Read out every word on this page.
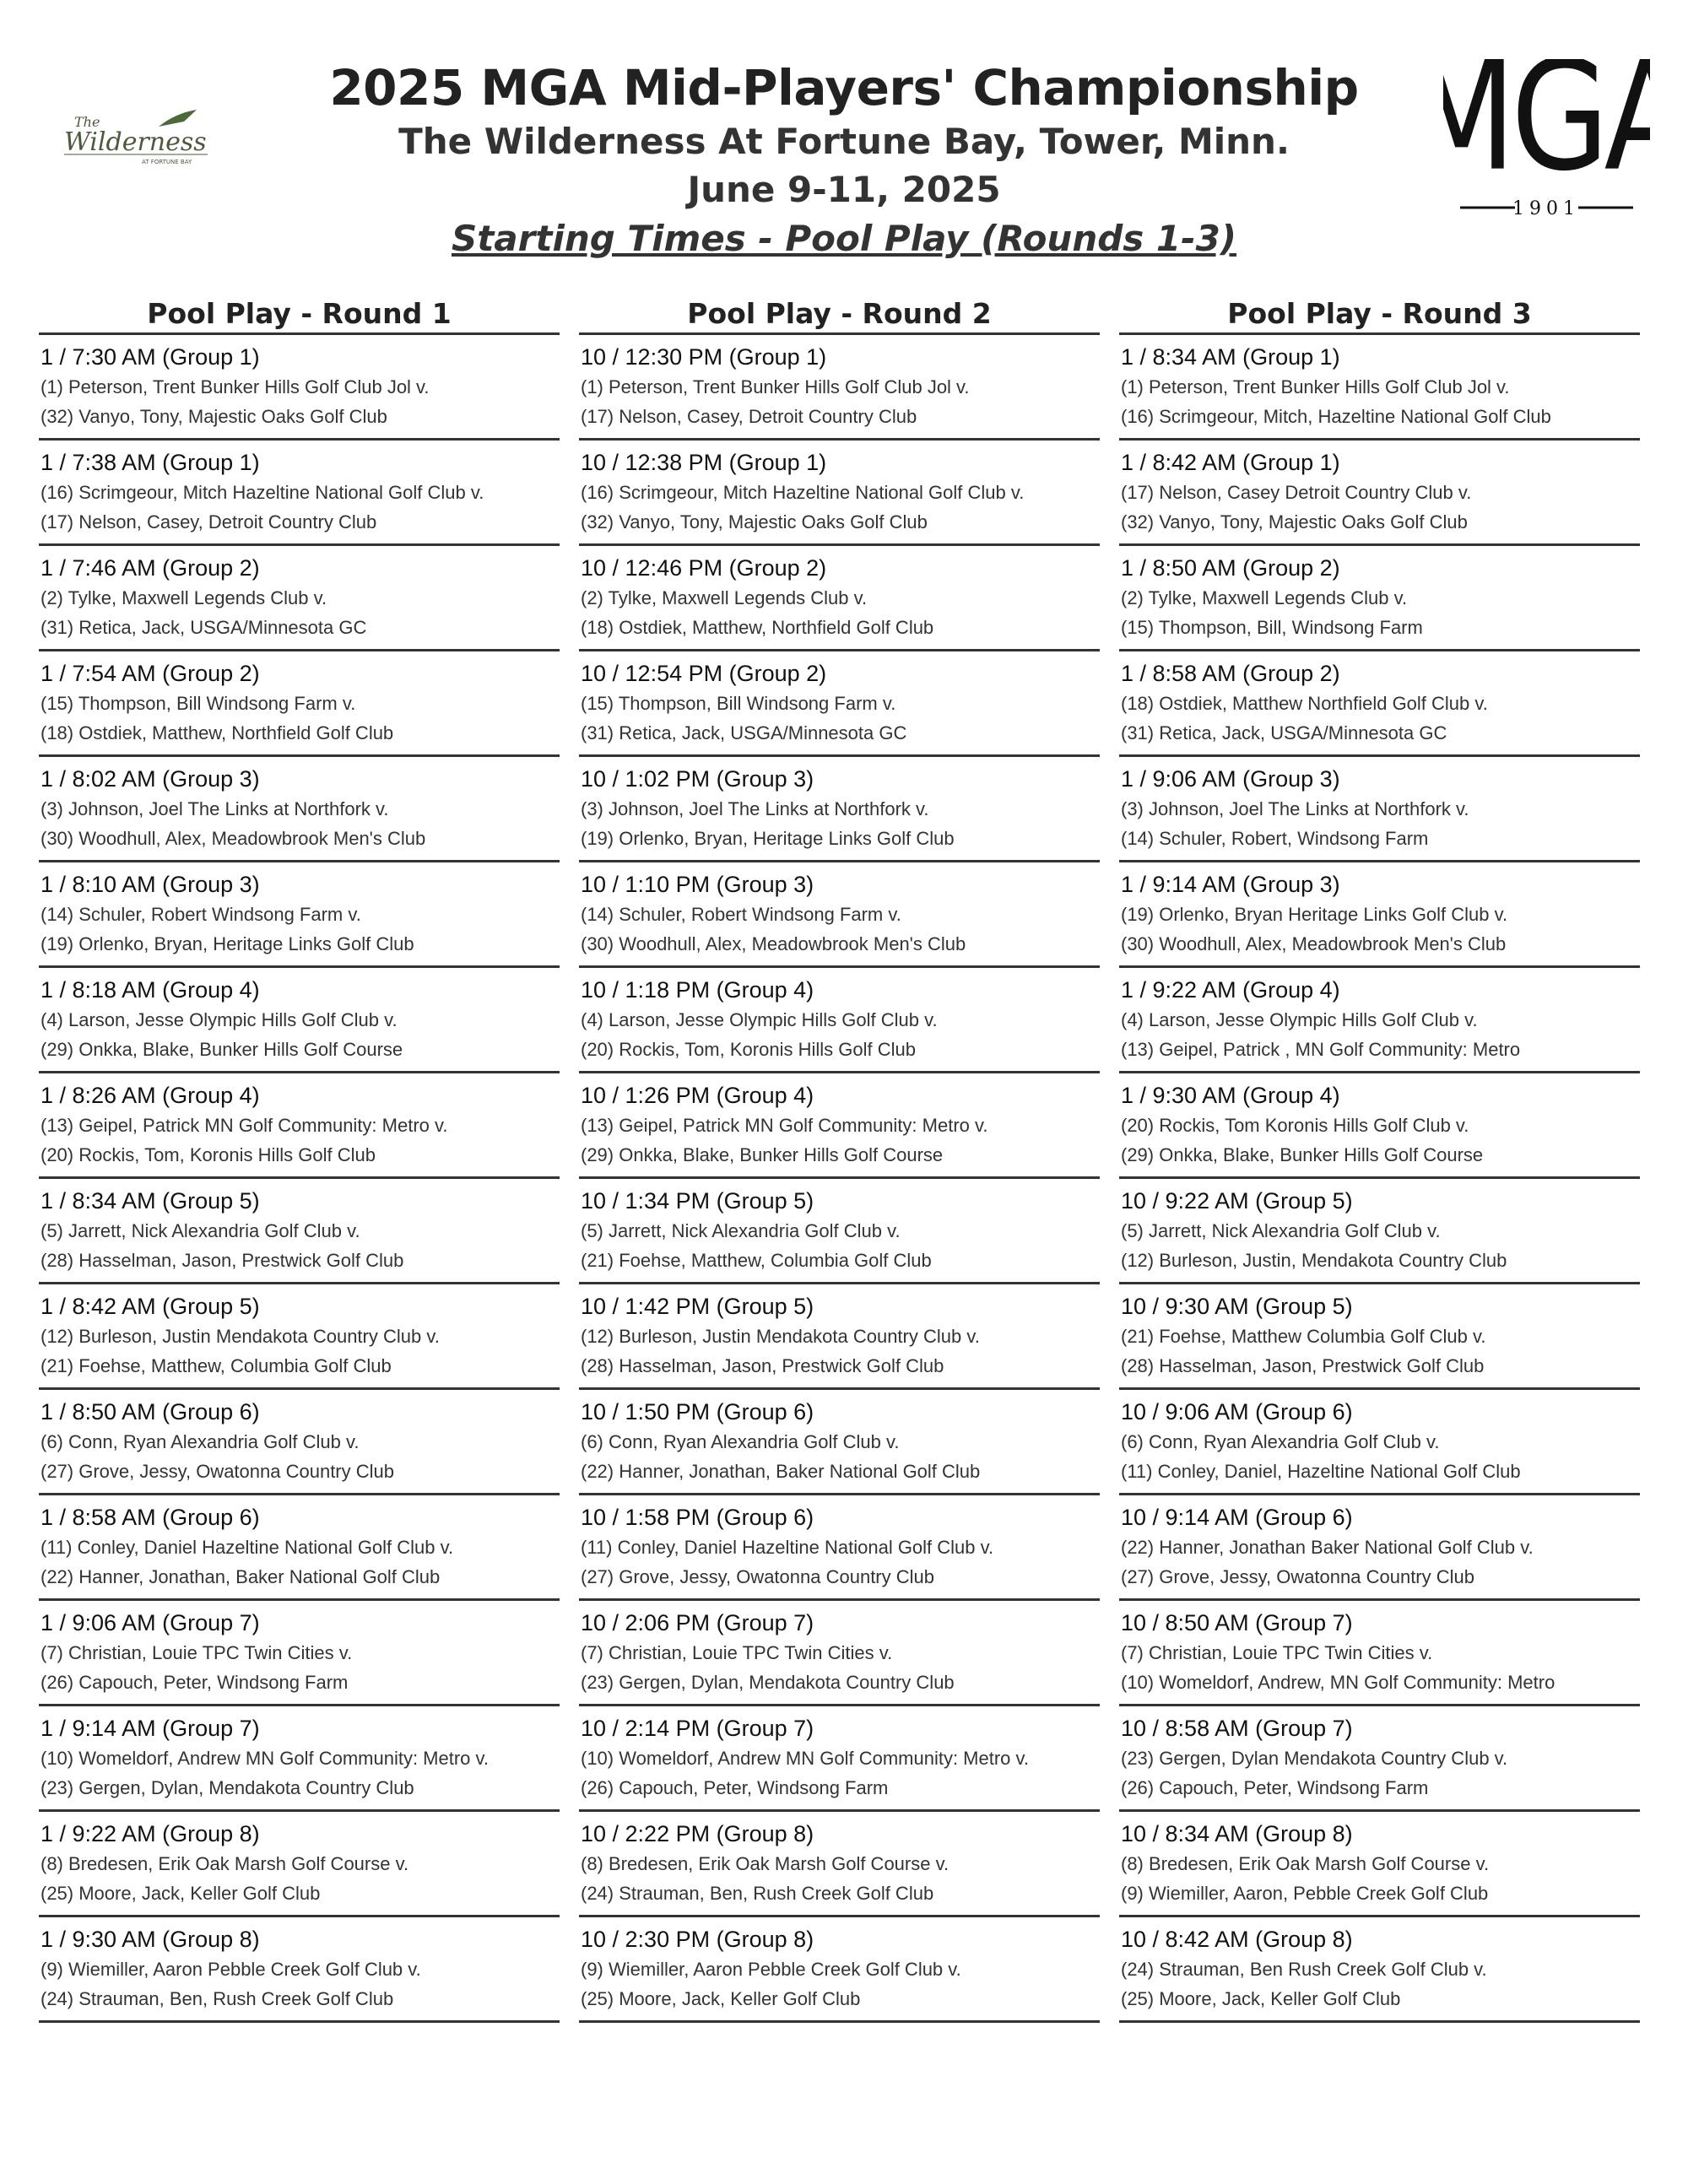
The
Wilderness
AT FORTUNE BAY	G
1901
2025 MGA Mid-Players' Championship
The Wilderness At Fortune Bay, Tower, Minn.
June 9-11, 2025
Starting Times - Pool Play (Rounds 1-3)
Pool Play - Round 1
1 / 7:30 AM (Group 1)
(1) Peterson, Trent Bunker Hills Golf Club Jol v.
(32) Vanyo, Tony, Majestic Oaks Golf Club
1 / 7:38 AM (Group 1)
(16) Scrimgeour, Mitch Hazeltine National Golf Club v.
(17) Nelson, Casey, Detroit Country Club
1 / 7:46 AM (Group 2)
(2) Tylke, Maxwell Legends Club v.
(31) Retica, Jack, USGA/Minnesota GC
1 / 7:54 AM (Group 2)
(15) Thompson, Bill Windsong Farm v.
(18) Ostdiek, Matthew, Northfield Golf Club
1 / 8:02 AM (Group 3)
(3) Johnson, Joel The Links at Northfork v.
(30) Woodhull, Alex, Meadowbrook Men's Club
1 / 8:10 AM (Group 3)
(14) Schuler, Robert Windsong Farm v.
(19) Orlenko, Bryan, Heritage Links Golf Club
1 / 8:18 AM (Group 4)
(4) Larson, Jesse Olympic Hills Golf Club v.
(29) Onkka, Blake, Bunker Hills Golf Course
1 / 8:26 AM (Group 4)
(13) Geipel, Patrick MN Golf Community: Metro v.
(20) Rockis, Tom, Koronis Hills Golf Club
1 / 8:34 AM (Group 5)
(5) Jarrett, Nick Alexandria Golf Club v.
(28) Hasselman, Jason, Prestwick Golf Club
1 / 8:42 AM (Group 5)
(12) Burleson, Justin Mendakota Country Club v.
(21) Foehse, Matthew, Columbia Golf Club
1 / 8:50 AM (Group 6)
(6) Conn, Ryan Alexandria Golf Club v.
(27) Grove, Jessy, Owatonna Country Club
1 / 8:58 AM (Group 6)
(11) Conley, Daniel Hazeltine National Golf Club v.
(22) Hanner, Jonathan, Baker National Golf Club
1 / 9:06 AM (Group 7)
(7) Christian, Louie TPC Twin Cities v.
(26) Capouch, Peter, Windsong Farm
1 / 9:14 AM (Group 7)
(10) Womeldorf, Andrew MN Golf Community: Metro v.
(23) Gergen, Dylan, Mendakota Country Club
1 / 9:22 AM (Group 8)
(8) Bredesen, Erik Oak Marsh Golf Course v.
(25) Moore, Jack, Keller Golf Club
1 / 9:30 AM (Group 8)
(9) Wiemiller, Aaron Pebble Creek Golf Club v.
(24) Strauman, Ben, Rush Creek Golf Club
Pool Play - Round 2
10 / 12:30 PM (Group 1)
(1) Peterson, Trent Bunker Hills Golf Club Jol v.
(17) Nelson, Casey, Detroit Country Club
10 / 12:38 PM (Group 1)
(16) Scrimgeour, Mitch Hazeltine National Golf Club v.
(32) Vanyo, Tony, Majestic Oaks Golf Club
10 / 12:46 PM (Group 2)
(2) Tylke, Maxwell Legends Club v.
(18) Ostdiek, Matthew, Northfield Golf Club
10 / 12:54 PM (Group 2)
(15) Thompson, Bill Windsong Farm v.
(31) Retica, Jack, USGA/Minnesota GC
10 / 1:02 PM (Group 3)
(3) Johnson, Joel The Links at Northfork v.
(19) Orlenko, Bryan, Heritage Links Golf Club
10 / 1:10 PM (Group 3)
(14) Schuler, Robert Windsong Farm v.
(30) Woodhull, Alex, Meadowbrook Men's Club
10 / 1:18 PM (Group 4)
(4) Larson, Jesse Olympic Hills Golf Club v.
(20) Rockis, Tom, Koronis Hills Golf Club
10 / 1:26 PM (Group 4)
(13) Geipel, Patrick MN Golf Community: Metro v.
(29) Onkka, Blake, Bunker Hills Golf Course
10 / 1:34 PM (Group 5)
(5) Jarrett, Nick Alexandria Golf Club v.
(21) Foehse, Matthew, Columbia Golf Club
10 / 1:42 PM (Group 5)
(12) Burleson, Justin Mendakota Country Club v.
(28) Hasselman, Jason, Prestwick Golf Club
10 / 1:50 PM (Group 6)
(6) Conn, Ryan Alexandria Golf Club v.
(22) Hanner, Jonathan, Baker National Golf Club
10 / 1:58 PM (Group 6)
(11) Conley, Daniel Hazeltine National Golf Club v.
(27) Grove, Jessy, Owatonna Country Club
10 / 2:06 PM (Group 7)
(7) Christian, Louie TPC Twin Cities v.
(23) Gergen, Dylan, Mendakota Country Club
10 / 2:14 PM (Group 7)
(10) Womeldorf, Andrew MN Golf Community: Metro v.
(26) Capouch, Peter, Windsong Farm
10 / 2:22 PM (Group 8)
(8) Bredesen, Erik Oak Marsh Golf Course v.
(24) Strauman, Ben, Rush Creek Golf Club
10 / 2:30 PM (Group 8)
(9) Wiemiller, Aaron Pebble Creek Golf Club v.
(25) Moore, Jack, Keller Golf Club
Pool Play - Round 3
1 / 8:34 AM (Group 1)
(1) Peterson, Trent Bunker Hills Golf Club Jol v.
(16) Scrimgeour, Mitch, Hazeltine National Golf Club
1 / 8:42 AM (Group 1)
(17) Nelson, Casey Detroit Country Club v.
(32) Vanyo, Tony, Majestic Oaks Golf Club
1 / 8:50 AM (Group 2)
(2) Tylke, Maxwell Legends Club v.
(15) Thompson, Bill, Windsong Farm
1 / 8:58 AM (Group 2)
(18) Ostdiek, Matthew Northfield Golf Club v.
(31) Retica, Jack, USGA/Minnesota GC
1 / 9:06 AM (Group 3)
(3) Johnson, Joel The Links at Northfork v.
(14) Schuler, Robert, Windsong Farm
1 / 9:14 AM (Group 3)
(19) Orlenko, Bryan Heritage Links Golf Club v.
(30) Woodhull, Alex, Meadowbrook Men's Club
1 / 9:22 AM (Group 4)
(4) Larson, Jesse Olympic Hills Golf Club v.
(13) Geipel, Patrick , MN Golf Community: Metro
1 / 9:30 AM (Group 4)
(20) Rockis, Tom Koronis Hills Golf Club v.
(29) Onkka, Blake, Bunker Hills Golf Course
10 / 9:22 AM (Group 5)
(5) Jarrett, Nick Alexandria Golf Club v.
(12) Burleson, Justin, Mendakota Country Club
10 / 9:30 AM (Group 5)
(21) Foehse, Matthew Columbia Golf Club v.
(28) Hasselman, Jason, Prestwick Golf Club
10 / 9:06 AM (Group 6)
(6) Conn, Ryan Alexandria Golf Club v.
(11) Conley, Daniel, Hazeltine National Golf Club
10 / 9:14 AM (Group 6)
(22) Hanner, Jonathan Baker National Golf Club v.
(27) Grove, Jessy, Owatonna Country Club
10 / 8:50 AM (Group 7)
(7) Christian, Louie TPC Twin Cities v.
(10) Womeldorf, Andrew, MN Golf Community: Metro
10 / 8:58 AM (Group 7)
(23) Gergen, Dylan Mendakota Country Club v.
(26) Capouch, Peter, Windsong Farm
10 / 8:34 AM (Group 8)
(8) Bredesen, Erik Oak Marsh Golf Course v.
(9) Wiemiller, Aaron, Pebble Creek Golf Club
10 / 8:42 AM (Group 8)
(24) Strauman, Ben Rush Creek Golf Club v.
(25) Moore, Jack, Keller Golf Club
